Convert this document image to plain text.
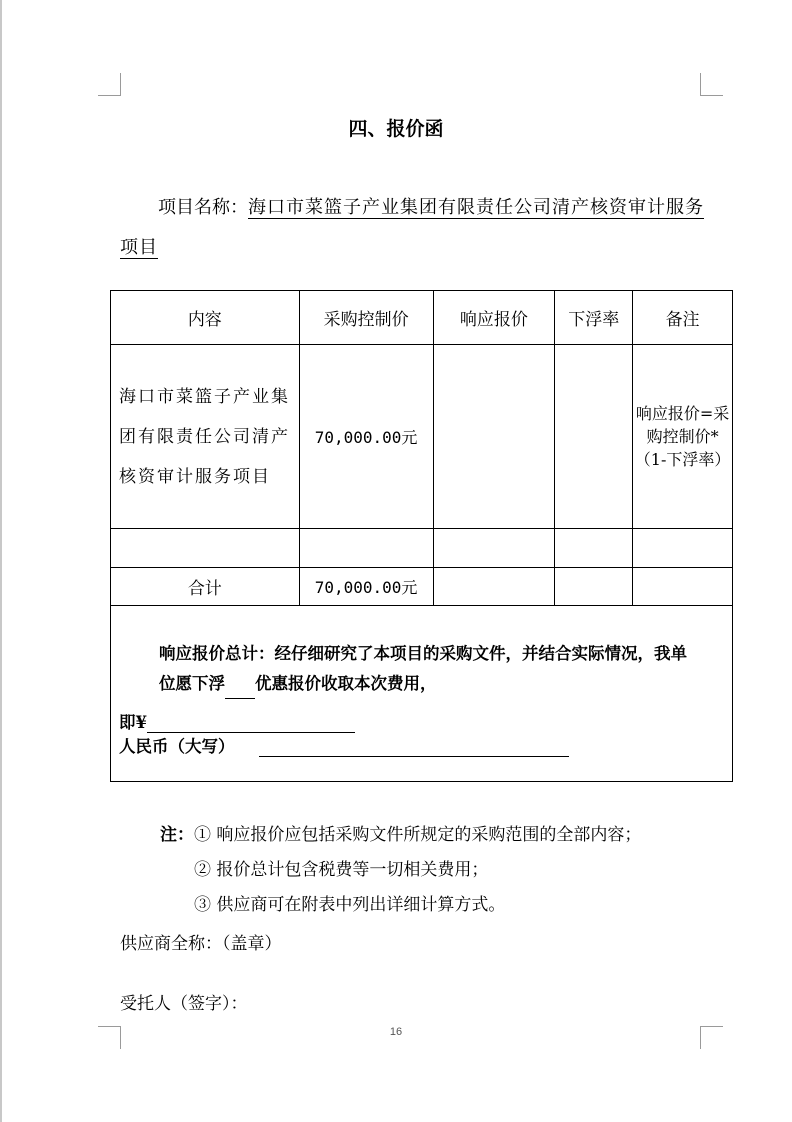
四、报价函
项目名称：海口市菜篮子产业集团有限责任公司清产核资审计服务项目
内容	采购控制价	响应报价	下浮率	备注
海口市菜篮子产业集团有限责任公司清产核资审计服务项目	70,000.00元			响应报价=采购控制价*（1-下浮率）

合计	70,000.00元			
响应报价总计：经仔细研究了本项目的采购文件，并结合实际情况，我单位愿下浮 优惠报价收取本次费用，
即¥
人民币（大写）
注：① 响应报价应包括采购文件所规定的采购范围的全部内容；
② 报价总计包含税费等一切相关费用；
③ 供应商可在附表中列出详细计算方式。
供应商全称：（盖章）
受托人（签字）：
16
